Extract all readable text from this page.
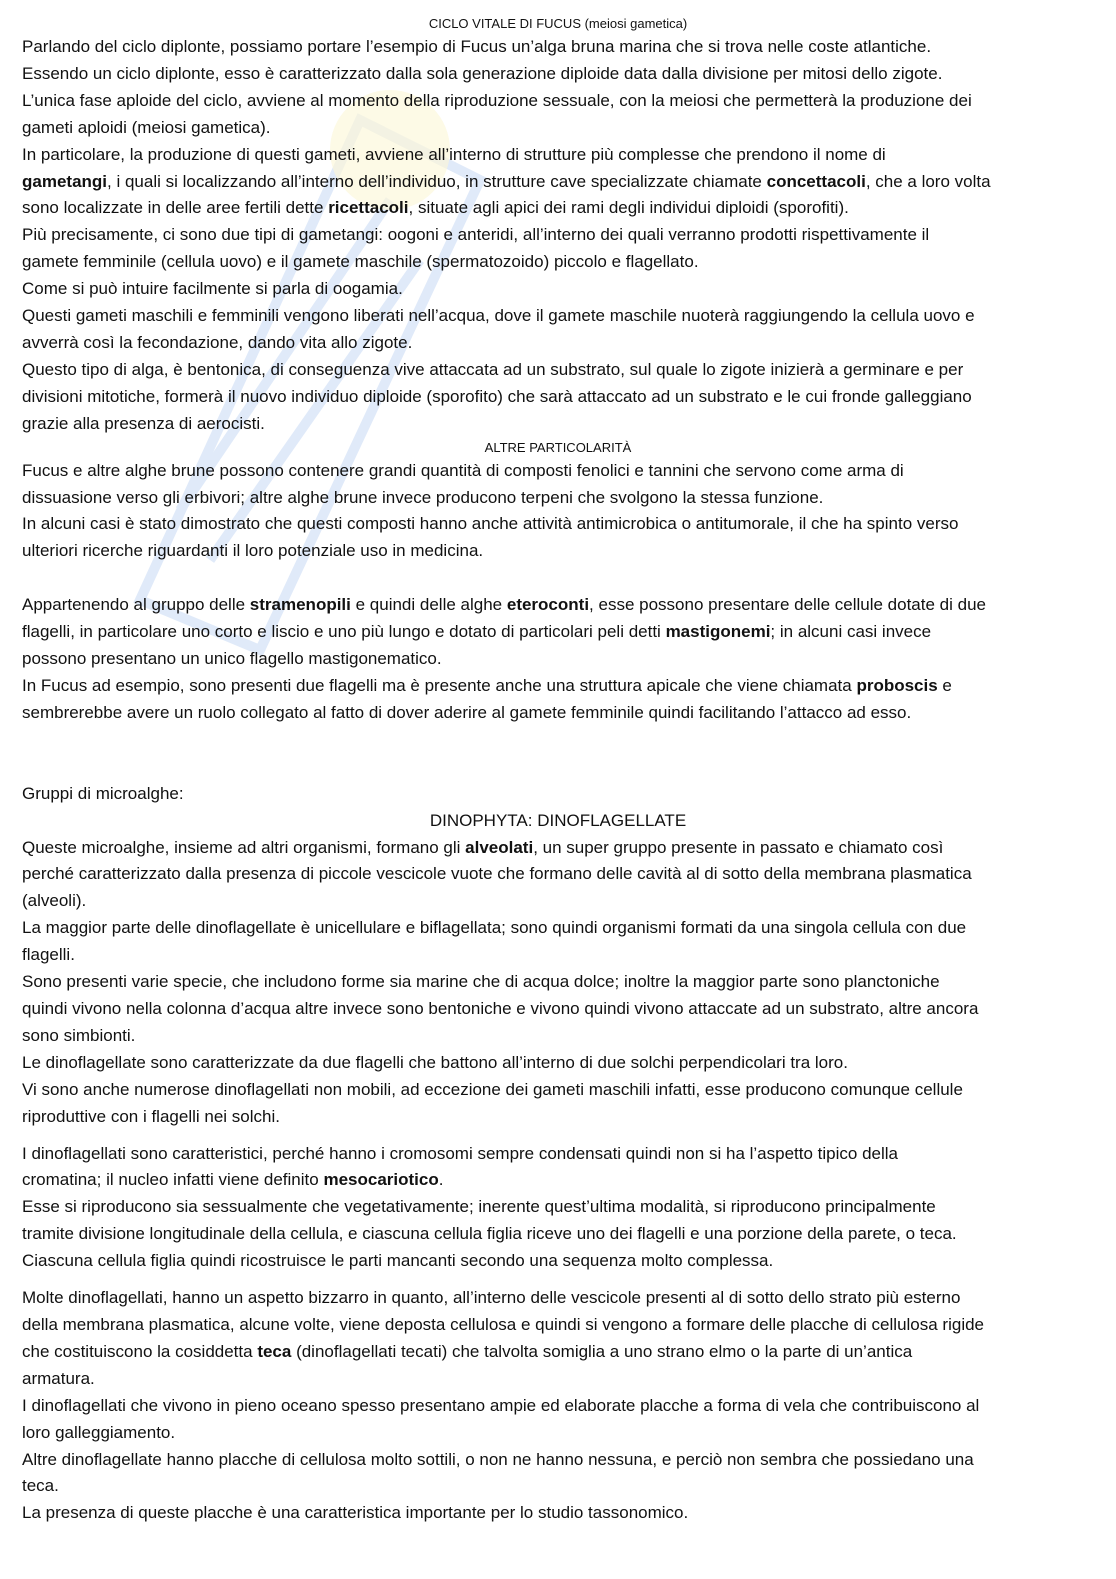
CICLO VITALE DI FUCUS (meiosi gametica)

Parlando del ciclo diplonte, possiamo portare l’esempio di Fucus un’alga bruna marina che si trova nelle coste atlantiche.

Essendo un ciclo diplonte, esso è caratterizzato dalla sola generazione diploide data dalla divisione per mitosi dello zigote.

L’unica fase aploide del ciclo, avviene al momento della riproduzione sessuale, con la meiosi che permetterà la produzione dei

gameti aploidi (meiosi gametica).

In particolare, la produzione di questi gameti, avviene all’interno di strutture più complesse che prendono il nome di

gametangi, i quali si localizzando all’interno dell’individuo, in strutture cave specializzate chiamate concettacoli, che a loro volta

sono localizzate in delle aree fertili dette ricettacoli, situate agli apici dei rami degli individui diploidi (sporofiti).

Più precisamente, ci sono due tipi di gametangi: oogoni e anteridi, all’interno dei quali verranno prodotti rispettivamente il

gamete femminile (cellula uovo) e il gamete maschile (spermatozoido) piccolo e flagellato.

Come si può intuire facilmente si parla di oogamia.

Questi gameti maschili e femminili vengono liberati nell’acqua, dove il gamete maschile nuoterà raggiungendo la cellula uovo e

avverrà così la fecondazione, dando vita allo zigote.

Questo tipo di alga, è bentonica, di conseguenza vive attaccata ad un substrato, sul quale lo zigote inizierà a germinare e per

divisioni mitotiche, formerà il nuovo individuo diploide (sporofito) che sarà attaccato ad un substrato e le cui fronde galleggiano

grazie alla presenza di aerocisti.

ALTRE PARTICOLARITÀ

Fucus e altre alghe brune possono contenere grandi quantità di composti fenolici e tannini che servono come arma di

dissuasione verso gli erbivori; altre alghe brune invece producono terpeni che svolgono la stessa funzione.

In alcuni casi è stato dimostrato che questi composti hanno anche attività antimicrobica o antitumorale, il che ha spinto verso

ulteriori ricerche riguardanti il loro potenziale uso in medicina.

Appartenendo al gruppo delle stramenopili e quindi delle alghe eteroconti, esse possono presentare delle cellule dotate di due

flagelli, in particolare uno corto e liscio e uno più lungo e dotato di particolari peli detti mastigonemi; in alcuni casi invece

possono presentano un unico flagello mastigonematico.

In Fucus ad esempio, sono presenti due flagelli ma è presente anche una struttura apicale che viene chiamata proboscis e

sembrerebbe avere un ruolo collegato al fatto di dover aderire al gamete femminile quindi facilitando l’attacco ad esso.

Gruppi di microalghe:

DINOPHYTA: DINOFLAGELLATE

Queste microalghe, insieme ad altri organismi, formano gli alveolati, un super gruppo presente in passato e chiamato così

perché caratterizzato dalla presenza di piccole vescicole vuote che formano delle cavità al di sotto della membrana plasmatica

(alveoli).

La maggior parte delle dinoflagellate è unicellulare e biflagellata; sono quindi organismi formati da una singola cellula con due

flagelli.

Sono presenti varie specie, che includono forme sia marine che di acqua dolce; inoltre la maggior parte sono planctoniche

quindi vivono nella colonna d’acqua altre invece sono bentoniche e vivono quindi vivono attaccate ad un substrato, altre ancora

sono simbionti.

Le dinoflagellate sono caratterizzate da due flagelli che battono all’interno di due solchi perpendicolari tra loro.

Vi sono anche numerose dinoflagellati non mobili, ad eccezione dei gameti maschili infatti, esse producono comunque cellule

riproduttive con i flagelli nei solchi.

I dinoflagellati sono caratteristici, perché hanno i cromosomi sempre condensati quindi non si ha l’aspetto tipico della

cromatina; il nucleo infatti viene definito mesocariotico.

Esse si riproducono sia sessualmente che vegetativamente; inerente quest’ultima modalità, si riproducono principalmente

tramite divisione longitudinale della cellula, e ciascuna cellula figlia riceve uno dei flagelli e una porzione della parete, o teca.

Ciascuna cellula figlia quindi ricostruisce le parti mancanti secondo una sequenza molto complessa.

Molte dinoflagellati, hanno un aspetto bizzarro in quanto, all’interno delle vescicole presenti al di sotto dello strato più esterno

della membrana plasmatica, alcune volte, viene deposta cellulosa e quindi si vengono a formare delle placche di cellulosa rigide

che costituiscono la cosiddetta teca (dinoflagellati tecati) che talvolta somiglia a uno strano elmo o la parte di un’antica

armatura.

I dinoflagellati che vivono in pieno oceano spesso presentano ampie ed elaborate placche a forma di vela che contribuiscono al

loro galleggiamento.

Altre dinoflagellate hanno placche di cellulosa molto sottili, o non ne hanno nessuna, e perciò non sembra che possiedano una

teca.

La presenza di queste placche è una caratteristica importante per lo studio tassonomico.
